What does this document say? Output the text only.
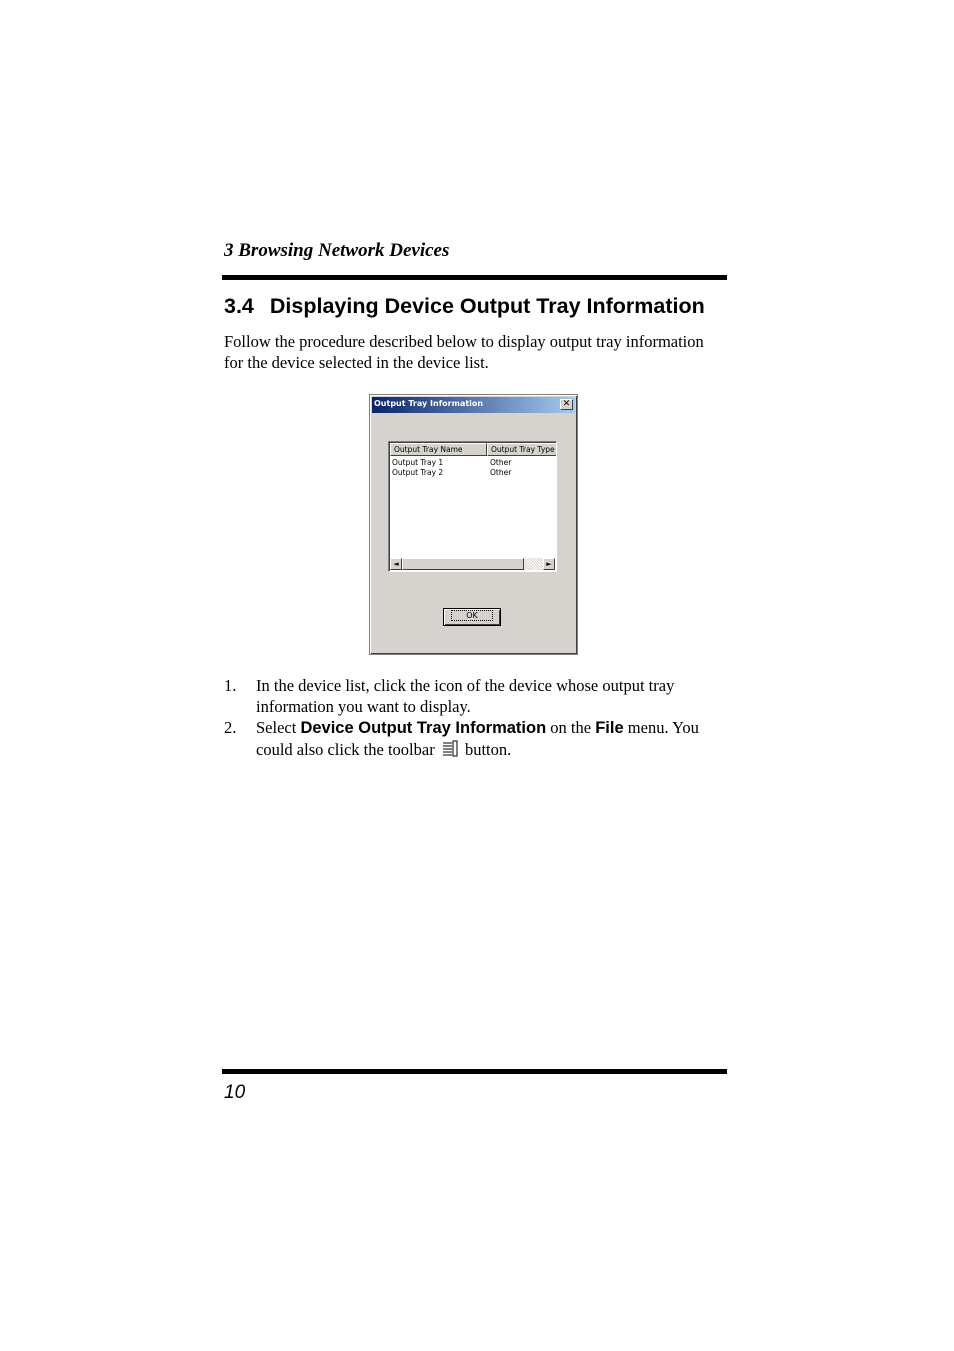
3 Browsing Network Devices
3.4 Displaying Device Output Tray Information

Follow the procedure described below to display output tray information for the device selected in the device list.

Output Tray Information	✕
Output Tray Name	Output Tray Type
Output Tray 1	Other
Output Tray 2	Other
◄	►
OK
1. In the device list, click the icon of the device whose output tray information you want to display.
2. Select Device Output Tray Information on the File menu. You could also click the toolbar button.
10
